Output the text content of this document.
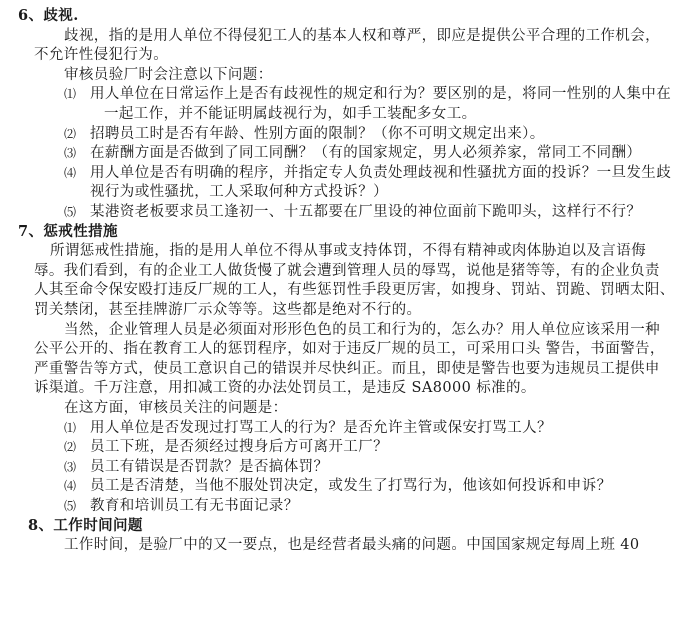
6、歧视.
歧视，指的是用人单位不得侵犯工人的基本人权和尊严，即应是提供公平合理的工作机会，
不允许性侵犯行为。
审核员验厂时会注意以下问题：
⑴ 用人单位在日常运作上是否有歧视性的规定和行为？要区别的是，将同一性别的人集中在
一起工作，并不能证明属歧视行为，如手工装配多女工。
⑵ 招聘员工时是否有年龄、性别方面的限制？（你不可明文规定出来）。
⑶ 在薪酬方面是否做到了同工同酬？（有的国家规定，男人必须养家，常同工不同酬）
⑷ 用人单位是否有明确的程序，并指定专人负责处理歧视和性骚扰方面的投诉？一旦发生歧
视行为或性骚扰，工人采取何种方式投诉？）
⑸ 某港资老板要求员工逢初一、十五都要在厂里设的神位面前下跪叩头，这样行不行？
7、惩戒性措施
所谓惩戒性措施，指的是用人单位不得从事或支持体罚，不得有精神或肉体胁迫以及言语侮
辱。我们看到，有的企业工人做货慢了就会遭到管理人员的辱骂，说他是猪等等，有的企业负责
人其至命令保安殴打违反厂规的工人，有些惩罚性手段更厉害，如搜身、罚站、罚跪、罚晒太阳、
罚关禁闭，甚至挂牌游厂示众等等。这些都是绝对不行的。
当然，企业管理人员是必须面对形形色色的员工和行为的，怎么办？用人单位应该采用一种
公平公开的、指在教育工人的惩罚程序，如对于违反厂规的员工，可采用口头 警告，书面警告，
严重警告等方式，使员工意识自己的错误并尽快纠正。而且，即使是警告也要为违规员工提供申
诉渠道。千万注意，用扣减工资的办法处罚员工，是违反 SA8000 标准的。
在这方面，审核员关注的问题是：
⑴ 用人单位是否发现过打骂工人的行为？是否允许主管或保安打骂工人？
⑵ 员工下班，是否须经过搜身后方可离开工厂？
⑶ 员工有错误是否罚款？是否搞体罚？
⑷ 员工是否清楚，当他不服处罚决定，或发生了打骂行为，他该如何投诉和申诉？
⑸ 教育和培训员工有无书面记录？
8、工作时间问题
工作时间，是验厂中的又一要点，也是经营者最头痛的问题。中国国家规定每周上班 40
